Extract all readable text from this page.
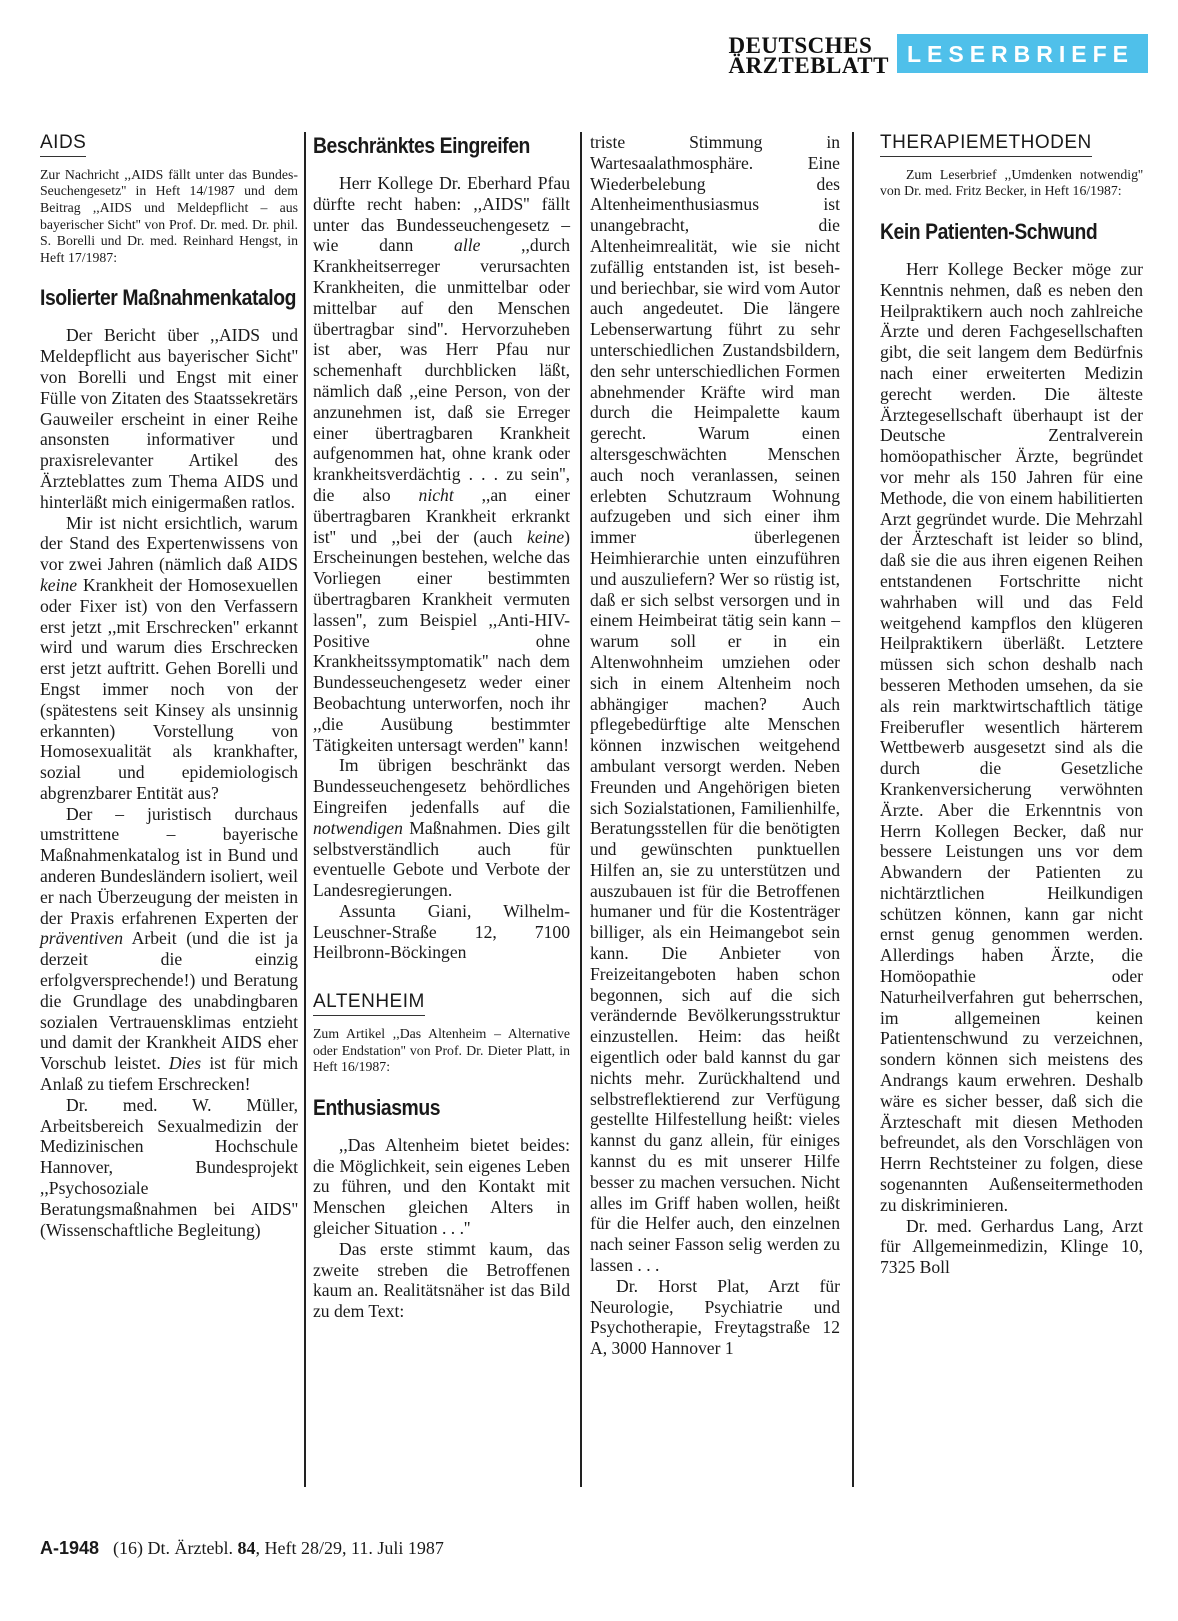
DEUTSCHES
ÄRZTEBLATT LESERBRIEFE
AIDS

Zur Nachricht ,,AIDS fällt unter das Bundes-Seuchengesetz'' in Heft 14/1987 und dem Beitrag ,,AIDS und Meldepflicht – aus bayerischer Sicht'' von Prof. Dr. med. Dr. phil. S. Borelli und Dr. med. Reinhard Hengst, in Heft 17/1987:

Isolierter Maßnahmenkatalog

Der Bericht über ,,AIDS und Meldepflicht aus bayerischer Sicht'' von Borelli und Engst mit einer Fülle von Zitaten des Staatssekretärs Gauweiler erscheint in einer Reihe ansonsten informativer und praxisrelevanter Artikel des Ärzteblattes zum Thema AIDS und hinterläßt mich einigermaßen ratlos.

Mir ist nicht ersichtlich, warum der Stand des Expertenwissens von vor zwei Jahren (nämlich daß AIDS keine Krankheit der Homosexuellen oder Fixer ist) von den Verfassern erst jetzt ,,mit Erschrecken'' erkannt wird und warum dies Erschrecken erst jetzt auftritt. Gehen Borelli und Engst immer noch von der (spätestens seit Kinsey als unsinnig erkannten) Vorstellung von Homosexualität als krankhafter, sozial und epidemiologisch abgrenzbarer Entität aus?

Der – juristisch durchaus umstrittene – bayerische Maßnahmenkatalog ist in Bund und anderen Bundesländern isoliert, weil er nach Überzeugung der meisten in der Praxis erfahrenen Experten der präventiven Arbeit (und die ist ja derzeit die einzig erfolgversprechende!) und Beratung die Grundlage des unabdingbaren sozialen Vertrauensklimas entzieht und damit der Krankheit AIDS eher Vorschub leistet. Dies ist für mich Anlaß zu tiefem Erschrecken!

Dr. med. W. Müller, Arbeitsbereich Sexualmedizin der Medizinischen Hochschule Hannover, Bundesprojekt ,,Psychosoziale Beratungsmaßnahmen bei AIDS'' (Wissenschaftliche Begleitung)

Beschränktes Eingreifen

Herr Kollege Dr. Eberhard Pfau dürfte recht haben: ,,AIDS'' fällt unter das Bundesseuchengesetz – wie dann alle ,,durch Krankheitserreger verursachten Krankheiten, die unmittelbar oder mittelbar auf den Menschen übertragbar sind''. Hervorzuheben ist aber, was Herr Pfau nur schemenhaft durchblicken läßt, nämlich daß ,,eine Person, von der anzunehmen ist, daß sie Erreger einer übertragbaren Krankheit aufgenommen hat, ohne krank oder krankheitsverdächtig . . . zu sein'', die also nicht ,,an einer übertragbaren Krankheit erkrankt ist'' und ,,bei der (auch keine) Erscheinungen bestehen, welche das Vorliegen einer bestimmten übertragbaren Krankheit vermuten lassen'', zum Beispiel ,,Anti-HIV-Positive ohne Krankheitssymptomatik'' nach dem Bundesseuchengesetz weder einer Beobachtung unterworfen, noch ihr ,,die Ausübung bestimmter Tätigkeiten untersagt werden'' kann!

Im übrigen beschränkt das Bundesseuchengesetz behördliches Eingreifen jedenfalls auf die notwendigen Maßnahmen. Dies gilt selbstverständlich auch für eventuelle Gebote und Verbote der Landesregierungen.

Assunta Giani, Wilhelm-Leuschner-Straße 12, 7100 Heilbronn-Böckingen

ALTENHEIM

Zum Artikel ,,Das Altenheim – Alternative oder Endstation'' von Prof. Dr. Dieter Platt, in Heft 16/1987:

Enthusiasmus

,,Das Altenheim bietet beides: die Möglichkeit, sein eigenes Leben zu führen, und den Kontakt mit Menschen gleichen Alters in gleicher Situation . . .''

Das erste stimmt kaum, das zweite streben die Betroffenen kaum an. Realitätsnäher ist das Bild zu dem Text:

triste Stimmung in Wartesaalathmosphäre. Eine Wiederbelebung des Altenheimenthusiasmus ist unangebracht, die Altenheimrealität, wie sie nicht zufällig entstanden ist, ist beseh- und beriechbar, sie wird vom Autor auch angedeutet. Die längere Lebenserwartung führt zu sehr unterschiedlichen Zustandsbildern, den sehr unterschiedlichen Formen abnehmender Kräfte wird man durch die Heimpalette kaum gerecht. Warum einen altersgeschwächten Menschen auch noch veranlassen, seinen erlebten Schutzraum Wohnung aufzugeben und sich einer ihm immer überlegenen Heimhierarchie unten einzuführen und auszuliefern? Wer so rüstig ist, daß er sich selbst versorgen und in einem Heimbeirat tätig sein kann – warum soll er in ein Altenwohnheim umziehen oder sich in einem Altenheim noch abhängiger machen? Auch pflegebedürftige alte Menschen können inzwischen weitgehend ambulant versorgt werden. Neben Freunden und Angehörigen bieten sich Sozialstationen, Familienhilfe, Beratungsstellen für die benötigten und gewünschten punktuellen Hilfen an, sie zu unterstützen und auszubauen ist für die Betroffenen humaner und für die Kostenträger billiger, als ein Heimangebot sein kann. Die Anbieter von Freizeitangeboten haben schon begonnen, sich auf die sich verändernde Bevölkerungsstruktur einzustellen. Heim: das heißt eigentlich oder bald kannst du gar nichts mehr. Zurückhaltend und selbstreflektierend zur Verfügung gestellte Hilfestellung heißt: vieles kannst du ganz allein, für einiges kannst du es mit unserer Hilfe besser zu machen versuchen. Nicht alles im Griff haben wollen, heißt für die Helfer auch, den einzelnen nach seiner Fasson selig werden zu lassen . . .

Dr. Horst Plat, Arzt für Neurologie, Psychiatrie und Psychotherapie, Freytagstraße 12 A, 3000 Hannover 1

THERAPIEMETHODEN

Zum Leserbrief ,,Umdenken notwendig'' von Dr. med. Fritz Becker, in Heft 16/1987:

Kein Patienten-Schwund

Herr Kollege Becker möge zur Kenntnis nehmen, daß es neben den Heilpraktikern auch noch zahlreiche Ärzte und deren Fachgesellschaften gibt, die seit langem dem Bedürfnis nach einer erweiterten Medizin gerecht werden. Die älteste Ärztegesellschaft überhaupt ist der Deutsche Zentralverein homöopathischer Ärzte, begründet vor mehr als 150 Jahren für eine Methode, die von einem habilitierten Arzt gegründet wurde. Die Mehrzahl der Ärzteschaft ist leider so blind, daß sie die aus ihren eigenen Reihen entstandenen Fortschritte nicht wahrhaben will und das Feld weitgehend kampflos den klügeren Heilpraktikern überläßt. Letztere müssen sich schon deshalb nach besseren Methoden umsehen, da sie als rein marktwirtschaftlich tätige Freiberufler wesentlich härterem Wettbewerb ausgesetzt sind als die durch die Gesetzliche Krankenversicherung verwöhnten Ärzte. Aber die Erkenntnis von Herrn Kollegen Becker, daß nur bessere Leistungen uns vor dem Abwandern der Patienten zu nichtärztlichen Heilkundigen schützen können, kann gar nicht ernst genug genommen werden. Allerdings haben Ärzte, die Homöopathie oder Naturheilverfahren gut beherrschen, im allgemeinen keinen Patientenschwund zu verzeichnen, sondern können sich meistens des Andrangs kaum erwehren. Deshalb wäre es sicher besser, daß sich die Ärzteschaft mit diesen Methoden befreundet, als den Vorschlägen von Herrn Rechtsteiner zu folgen, diese sogenannten Außenseitermethoden zu diskriminieren.

Dr. med. Gerhardus Lang, Arzt für Allgemeinmedizin, Klinge 10, 7325 Boll

A-1948 (16) Dt. Ärztebl. 84, Heft 28/29, 11. Juli 1987
